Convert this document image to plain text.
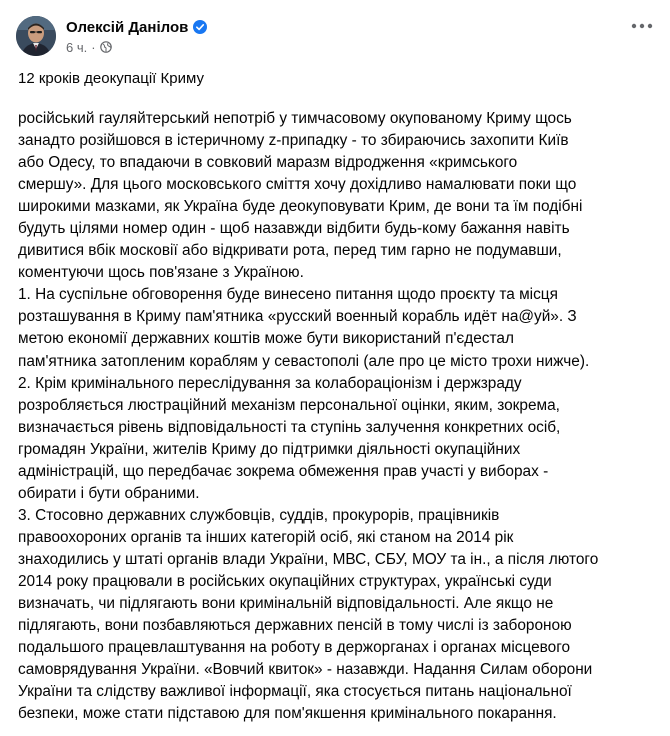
Олексій Данілов
6 ч. ·

12 кроків деокупації Криму

російський гауляйтерський непотріб у тимчасовому окупованому Криму щось
занадто розійшовся в істеричному z-припадку - то збираючись захопити Київ
або Одесу, то впадаючи в совковий маразм відродження «кримського
смершу». Для цього московського сміття хочу дохідливо намалювати поки що
широкими мазками, як Україна буде деокуповувати Крим, де вони та їм подібні
будуть цілями номер один - щоб назавжди відбити будь-кому бажання навіть
дивитися вбік московії або відкривати рота, перед тим гарно не подумавши,
коментуючи щось пов'язане з Україною.
1. На суспільне обговорення буде винесено питання щодо проєкту та місця
розташування в Криму пам'ятника «русский военный корабль идёт на@уй». З
метою економії державних коштів може бути використаний п'єдестал
пам'ятника затопленим кораблям у севастополі (але про це місто трохи нижче).
2. Крім кримінального переслідування за колабораціонізм і держзраду
розробляється люстраційний механізм персональної оцінки, яким, зокрема,
визначається рівень відповідальності та ступінь залучення конкретних осіб,
громадян України, жителів Криму до підтримки діяльності окупаційних
адміністрацій, що передбачає зокрема обмеження прав участі у виборах -
обирати і бути обраними.
3. Стосовно державних службовців, суддів, прокурорів, працівників
правоохороних органів та інших категорій осіб, які станом на 2014 рік
знаходились у штаті органів влади України, МВС, СБУ, МОУ та ін., а після лютого
2014 року працювали в російських окупаційних структурах, українські суди
визначать, чи підлягають вони кримінальній відповідальності. Але якщо не
підлягають, вони позбавляються державних пенсій в тому числі із забороною
подальшого працевлаштування на роботу в держорганах і органах місцевого
самоврядування України. «Вовчий квиток» - назавжди. Надання Силам оборони
України та слідству важливої інформації, яка стосується питань національної
безпеки, може стати підставою для пом'якшення кримінального покарання.
